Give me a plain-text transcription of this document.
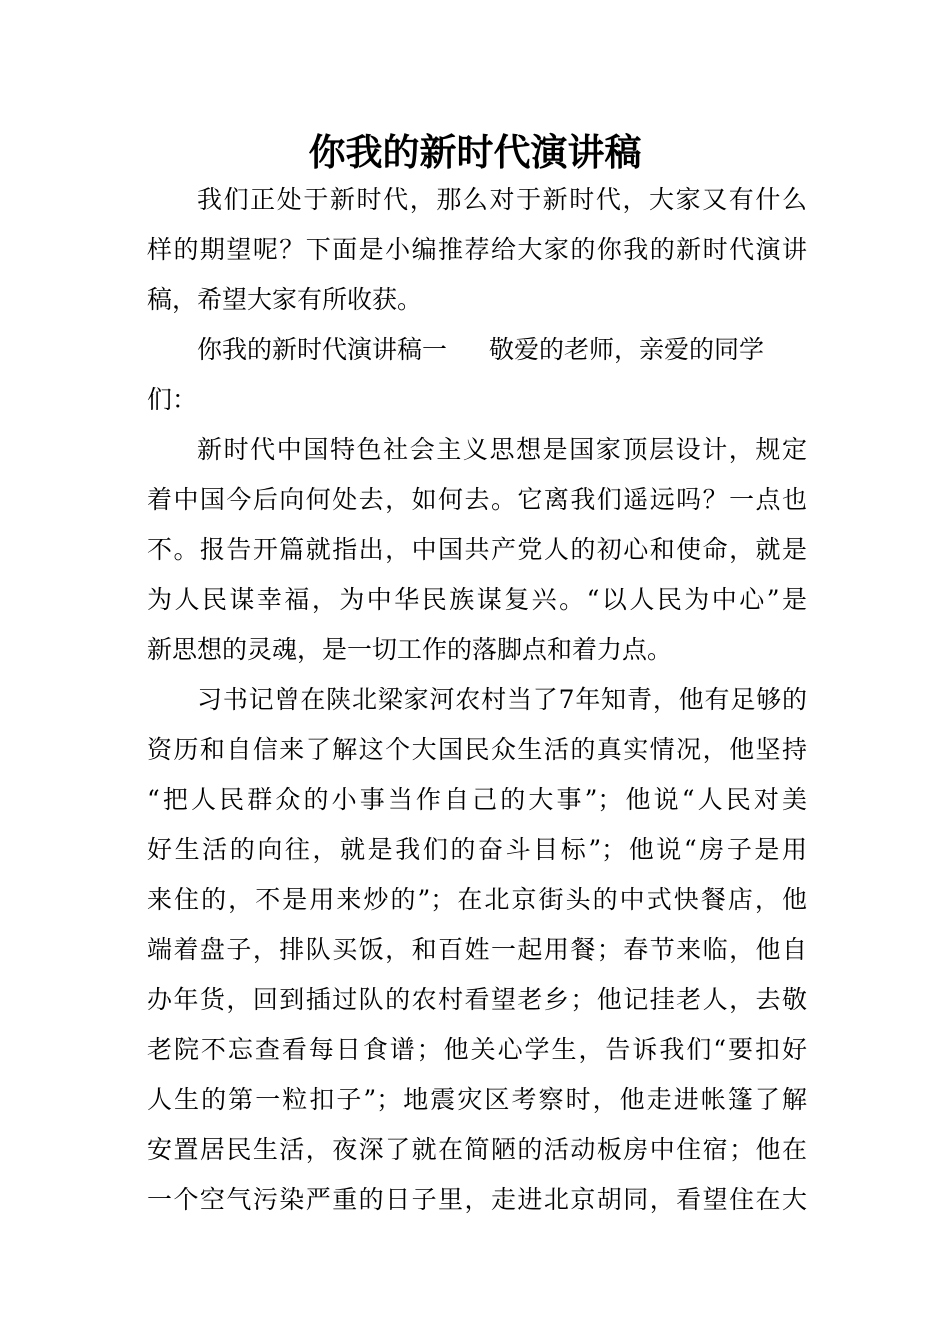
你我的新时代演讲稿
我们正处于新时代，那么对于新时代，大家又有什么
样的期望呢？下面是小编推荐给大家的你我的新时代演讲
稿，希望大家有所收获。
你我的新时代演讲稿一 敬爱的老师，亲爱的同学
们：
新时代中国特色社会主义思想是国家顶层设计，规定
着中国今后向何处去，如何去。它离我们遥远吗？一点也
不。报告开篇就指出，中国共产党人的初心和使命，就是
为人民谋幸福，为中华民族谋复兴。“以人民为中心”是
新思想的灵魂，是一切工作的落脚点和着力点。
习书记曾在陕北梁家河农村当了7年知青，他有足够的
资历和自信来了解这个大国民众生活的真实情况，他坚持
“把人民群众的小事当作自己的大事”；他说“人民对美
好生活的向往，就是我们的奋斗目标”；他说“房子是用
来住的，不是用来炒的”；在北京街头的中式快餐店，他
端着盘子，排队买饭，和百姓一起用餐；春节来临，他自
办年货，回到插过队的农村看望老乡；他记挂老人，去敬
老院不忘查看每日食谱；他关心学生，告诉我们“要扣好
人生的第一粒扣子”；地震灾区考察时，他走进帐篷了解
安置居民生活，夜深了就在简陋的活动板房中住宿；他在
一个空气污染严重的日子里，走进北京胡同，看望住在大
